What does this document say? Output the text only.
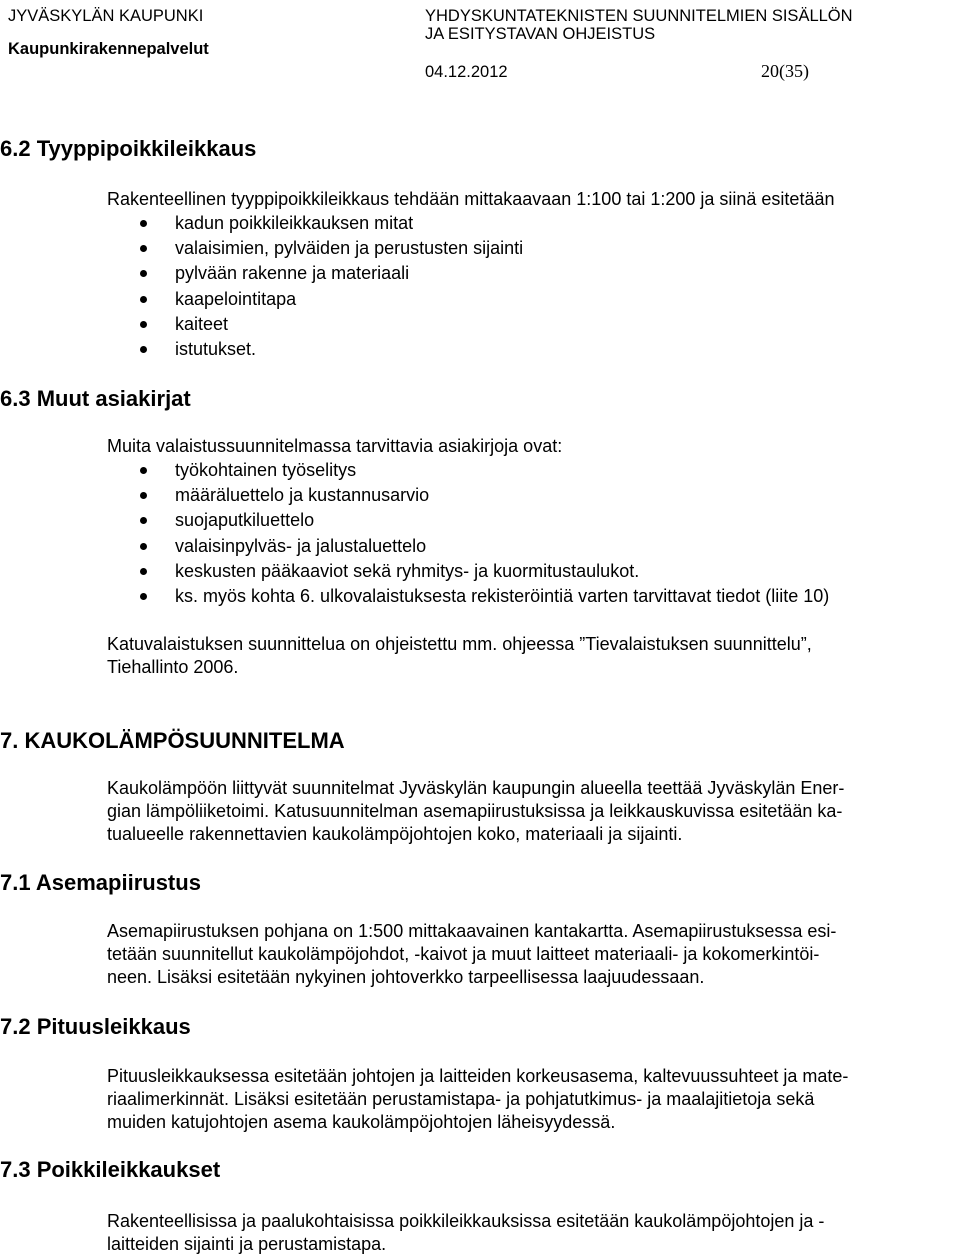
JYVÄSKYLÄN KAUPUNKI
Kaupunkirakennepalvelut
YHDYSKUNTATEKNISTEN SUUNNITELMIEN SISÄLLÖN
JA ESITYSTAVAN OHJEISTUS
04.12.2012	20(35)
6.2 Tyyppipoikkileikkaus
Rakenteellinen tyyppipoikkileikkaus tehdään mittakaavaan 1:100 tai 1:200 ja siinä esitetään
kadun poikkileikkauksen mitat
valaisimien, pylväiden ja perustusten sijainti
pylvään rakenne ja materiaali
kaapelointitapa
kaiteet
istutukset.
6.3 Muut asiakirjat
Muita valaistussuunnitelmassa tarvittavia asiakirjoja ovat:
työkohtainen työselitys
määräluettelo ja kustannusarvio
suojaputkiluettelo
valaisinpylväs- ja jalustaluettelo
keskusten pääkaaviot sekä ryhmitys- ja kuormitustaulukot.
ks. myös kohta 6. ulkovalaistuksesta rekisteröintiä varten tarvittavat tiedot (liite 10)
Katuvalaistuksen suunnittelua on ohjeistettu mm. ohjeessa ”Tievalaistuksen suunnittelu”,
Tiehallinto 2006.
7. KAUKOLÄMPÖSUUNNITELMA
Kaukolämpöön liittyvät suunnitelmat Jyväskylän kaupungin alueella teettää Jyväskylän Ener-
gian lämpöliiketoimi. Katusuunnitelman asemapiirustuksissa ja leikkauskuvissa esitetään ka-
tualueelle rakennettavien kaukolämpöjohtojen koko, materiaali ja sijainti.
7.1 Asemapiirustus
Asemapiirustuksen pohjana on 1:500 mittakaavainen kantakartta. Asemapiirustuksessa esi-
tetään suunnitellut kaukolämpöjohdot, -kaivot ja muut laitteet materiaali- ja kokomerkintöi-
neen. Lisäksi esitetään nykyinen johtoverkko tarpeellisessa laajuudessaan.
7.2 Pituusleikkaus
Pituusleikkauksessa esitetään johtojen ja laitteiden korkeusasema, kaltevuussuhteet ja mate-
riaalimerkinnät. Lisäksi esitetään perustamistapa- ja pohjatutkimus- ja maalajitietoja sekä
muiden katujohtojen asema kaukolämpöjohtojen läheisyydessä.
7.3 Poikkileikkaukset
Rakenteellisissa ja paalukohtaisissa poikkileikkauksissa esitetään kaukolämpöjohtojen ja -
laitteiden sijainti ja perustamistapa.
